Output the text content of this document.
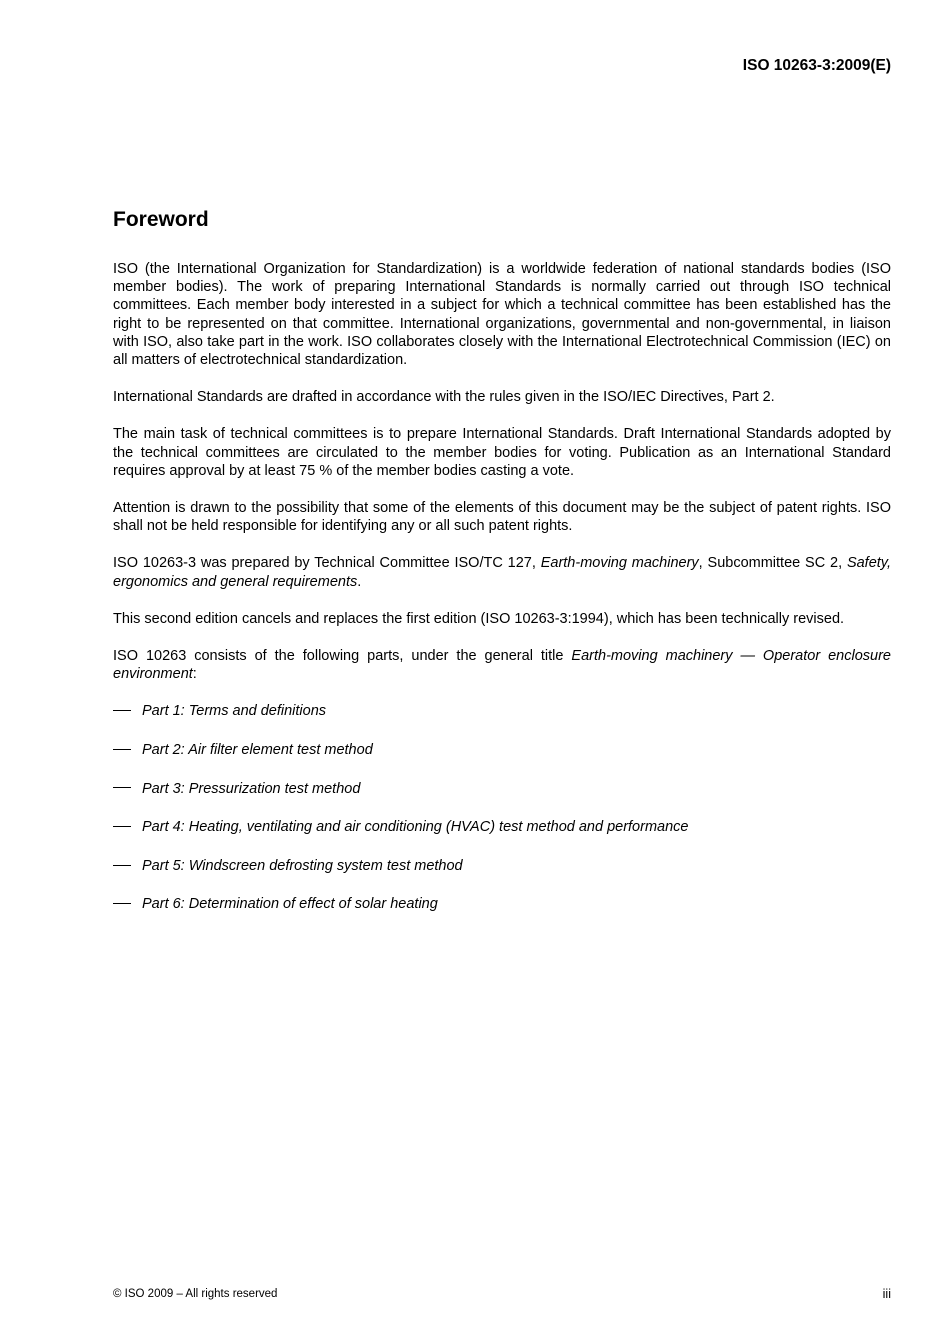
ISO 10263-3:2009(E)
Foreword

ISO (the International Organization for Standardization) is a worldwide federation of national standards bodies (ISO member bodies). The work of preparing International Standards is normally carried out through ISO technical committees. Each member body interested in a subject for which a technical committee has been established has the right to be represented on that committee. International organizations, governmental and non-governmental, in liaison with ISO, also take part in the work. ISO collaborates closely with the International Electrotechnical Commission (IEC) on all matters of electrotechnical standardization.

International Standards are drafted in accordance with the rules given in the ISO/IEC Directives, Part 2.

The main task of technical committees is to prepare International Standards. Draft International Standards adopted by the technical committees are circulated to the member bodies for voting. Publication as an International Standard requires approval by at least 75 % of the member bodies casting a vote.

Attention is drawn to the possibility that some of the elements of this document may be the subject of patent rights. ISO shall not be held responsible for identifying any or all such patent rights.

ISO 10263-3 was prepared by Technical Committee ISO/TC 127, Earth-moving machinery, Subcommittee SC 2, Safety, ergonomics and general requirements.

This second edition cancels and replaces the first edition (ISO 10263-3:1994), which has been technically revised.

ISO 10263 consists of the following parts, under the general title Earth-moving machinery — Operator enclosure environment:

Part 1: Terms and definitions
Part 2: Air filter element test method
Part 3: Pressurization test method
Part 4: Heating, ventilating and air conditioning (HVAC) test method and performance
Part 5: Windscreen defrosting system test method
Part 6: Determination of effect of solar heating
© ISO 2009 – All rights reserved	iii
